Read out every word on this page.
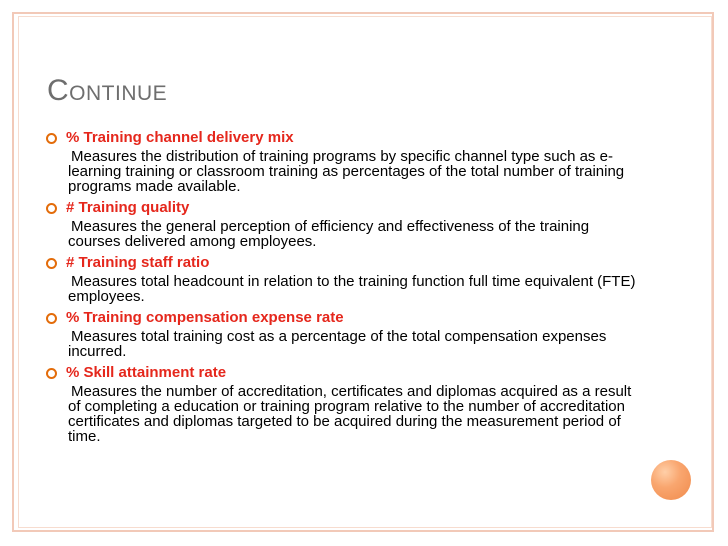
Continue
% Training channel delivery mix
Measures the distribution of training programs by specific channel type such as e-learning training or classroom training as percentages of the total number of training programs made available.
# Training quality
Measures the general perception of efficiency and effectiveness of the training courses delivered among employees.
# Training staff ratio
Measures total headcount in relation to the training function full time equivalent (FTE) employees.
% Training compensation expense rate
Measures total training cost as a percentage of the total compensation expenses incurred.
% Skill attainment rate
Measures the number of accreditation, certificates and diplomas acquired as a result of completing a education or training program relative to the number of accreditation certificates and diplomas targeted to be acquired during the measurement period of time.
